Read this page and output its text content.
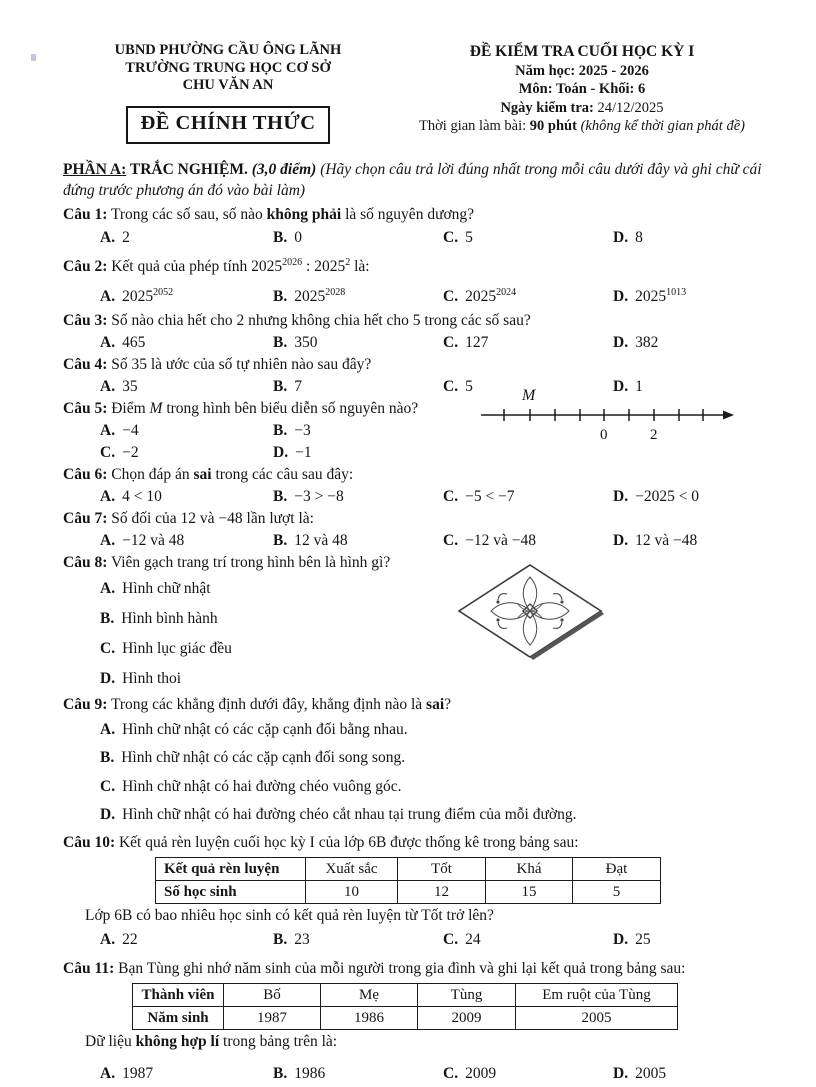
UBND PHƯỜNG CẦU ÔNG LÃNH
TRƯỜNG TRUNG HỌC CƠ SỞ
CHU VĂN AN
ĐỀ CHÍNH THỨC
ĐỀ KIỂM TRA CUỐI HỌC KỲ I
Năm học: 2025 - 2026
Môn: Toán - Khối: 6
Ngày kiểm tra: 24/12/2025
Thời gian làm bài: 90 phút (không kể thời gian phát đề)
PHẦN A: TRẮC NGHIỆM. (3,0 điểm) (Hãy chọn câu trả lời đúng nhất trong mỗi câu dưới đây và ghi chữ cái đứng trước phương án đó vào bài làm)
Câu 1: Trong các số sau, số nào không phải là số nguyên dương?
A. 2	B. 0	C. 5	D. 8
Câu 2: Kết quả của phép tính $2025^{2026}$ : 2025$^2$ là:
A. $2025^{2052}$	B. $2025^{2028}$	C. $2025^{2024}$	D. $2025^{1013}$
Câu 3: Số nào chia hết cho 2 nhưng không chia hết cho 5 trong các số sau?
A. 465	B. 350	C. 127	D. 382
Câu 4: Số 35 là ước của số tự nhiên nào sau đây?
A. 35	B. 7	C. 5	D. 1
M
0	2
Câu 5: Điểm M trong hình bên biểu diễn số nguyên nào?
A. −4	B. −3
C. −2	D. −1
Câu 6: Chọn đáp án sai trong các câu sau đây:
A. 4 < 10	B. −3 > −8	C. −5 < −7	D. −2025 < 0
Câu 7: Số đối của 12 và −48 lần lượt là:
A. −12 và 48	B. 12 và 48	C. −12 và −48	D. 12 và −48
Câu 8: Viên gạch trang trí trong hình bên là hình gì?
A. Hình chữ nhật
B. Hình bình hành
C. Hình lục giác đều
D. Hình thoi
Câu 9: Trong các khẳng định dưới đây, khẳng định nào là sai?
A. Hình chữ nhật có các cặp cạnh đối bằng nhau.
B. Hình chữ nhật có các cặp cạnh đối song song.
C. Hình chữ nhật có hai đường chéo vuông góc.
D. Hình chữ nhật có hai đường chéo cắt nhau tại trung điểm của mỗi đường.
Câu 10: Kết quả rèn luyện cuối học kỳ I của lớp 6B được thống kê trong bảng sau:
Kết quả rèn luyện	Xuất sắc	Tốt	Khá	Đạt
Số học sinh	10	12	15	5
Lớp 6B có bao nhiêu học sinh có kết quả rèn luyện từ Tốt trở lên?
A. 22	B. 23	C. 24	D. 25
Câu 11: Bạn Tùng ghi nhớ năm sinh của mỗi người trong gia đình và ghi lại kết quả trong bảng sau:
Thành viên	Bố	Mẹ	Tùng	Em ruột của Tùng
Năm sinh	1987	1986	2009	2005
Dữ liệu không hợp lí trong bảng trên là:
A. 1987	B. 1986	C. 2009	D. 2005
